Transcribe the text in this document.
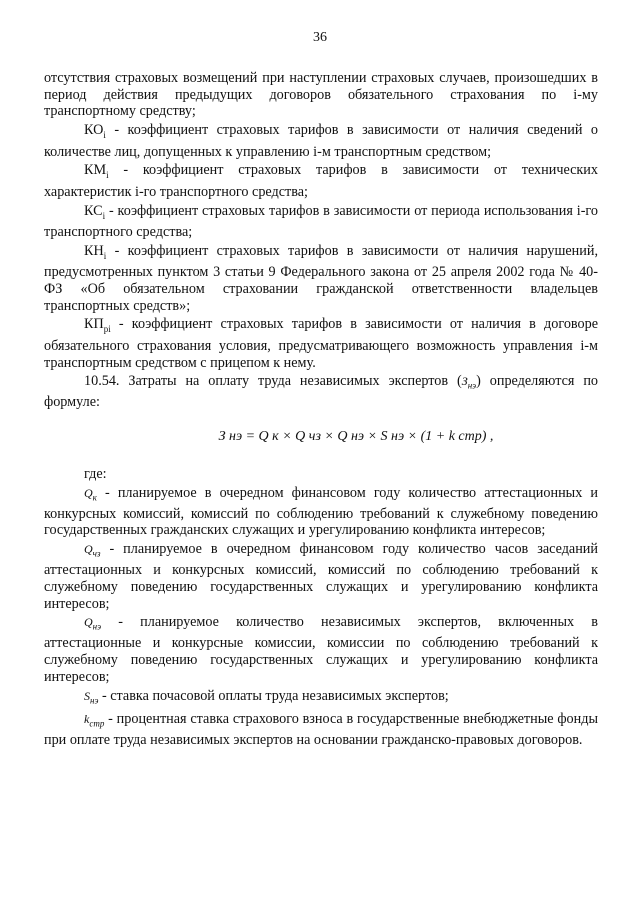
36

отсутствия страховых возмещений при наступлении страховых случаев, произошедших в период действия предыдущих договоров обязательного страхования по i-му транспортному средству;

$КО_i$ - коэффициент страховых тарифов в зависимости от наличия сведений о количестве лиц, допущенных к управлению i-м транспортным средством;

$КМ_i$ - коэффициент страховых тарифов в зависимости от технических характеристик i-го транспортного средства;

$КС_i$ - коэффициент страховых тарифов в зависимости от периода использования i-го транспортного средства;

$КН_i$ - коэффициент страховых тарифов в зависимости от наличия нарушений, предусмотренных пунктом 3 статьи 9 Федерального закона от 25 апреля 2002 года № 40-ФЗ «Об обязательном страховании гражданской ответственности владельцев транспортных средств»;

$КП_{рi}$ - коэффициент страховых тарифов в зависимости от наличия в договоре обязательного страхования условия, предусматривающего возможность управления i-м транспортным средством с прицепом к нему.

10.54. Затраты на оплату труда независимых экспертов $(З_{нэ})$ определяются по формуле:

З нэ = Q к × Q чз × Q нэ × S нэ × (1 + k стр) ,

где:

$Q_к$ - планируемое в очередном финансовом году количество аттестационных и конкурсных комиссий, комиссий по соблюдению требований к служебному поведению государственных гражданских служащих и урегулированию конфликта интересов;

$Q_{чз}$ - планируемое в очередном финансовом году количество часов заседаний аттестационных и конкурсных комиссий, комиссий по соблюдению требований к служебному поведению государственных служащих и урегулированию конфликта интересов;

$Q_{нэ}$ - планируемое количество независимых экспертов, включенных в аттестационные и конкурсные комиссии, комиссии по соблюдению требований к служебному поведению государственных служащих и урегулированию конфликта интересов;

$S_{нэ}$ - ставка почасовой оплаты труда независимых экспертов;

$k_{стр}$ - процентная ставка страхового взноса в государственные внебюджетные фонды при оплате труда независимых экспертов на основании гражданско-правовых договоров.
